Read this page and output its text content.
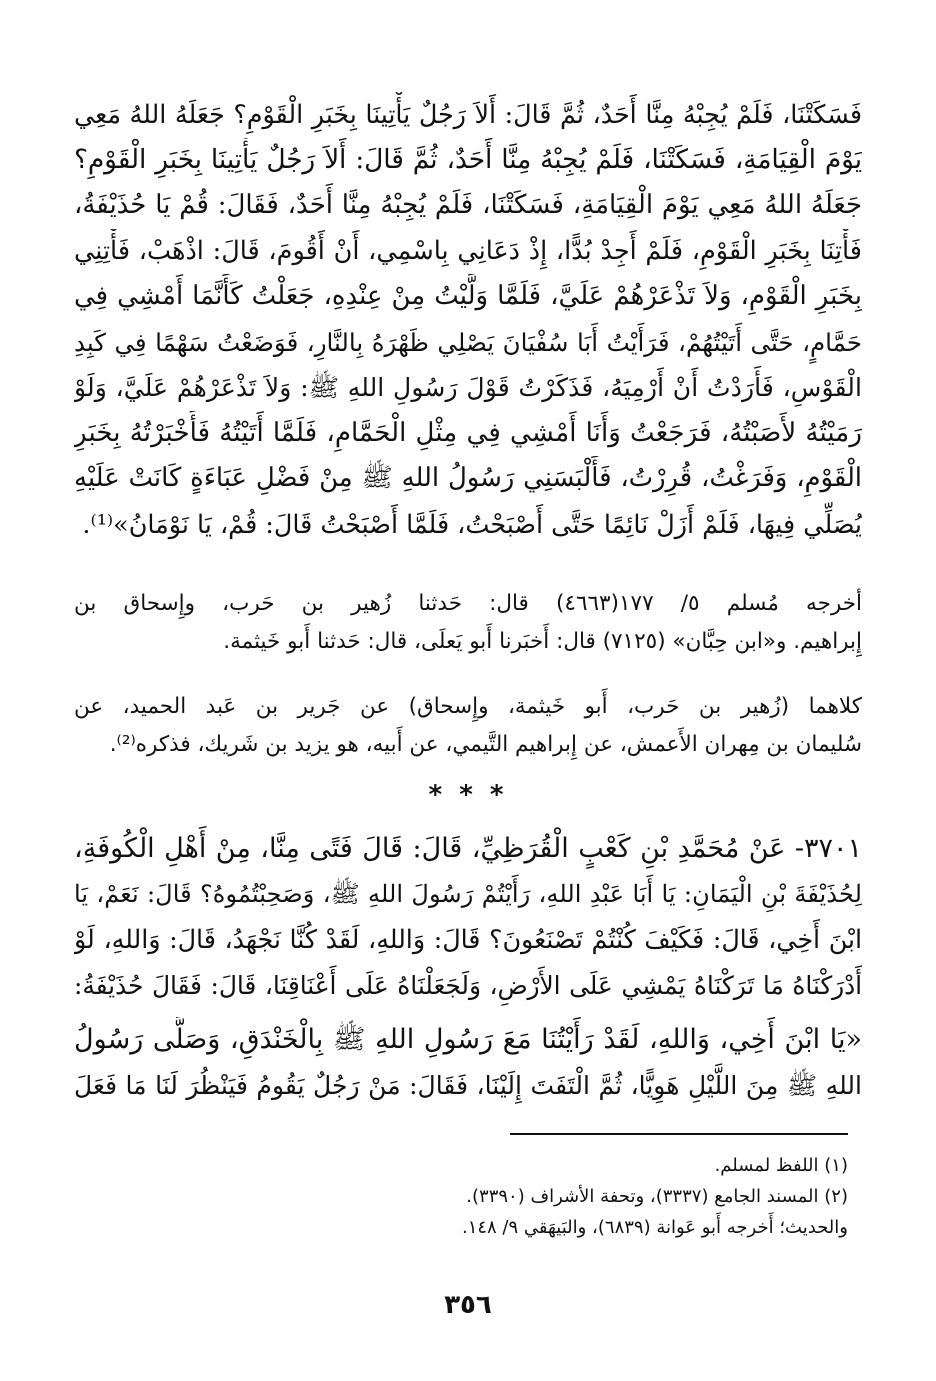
فَسَكَتْنَا، فَلَمْ يُجِبْهُ مِنَّا أَحَدٌ، ثُمَّ قَالَ: أَلاَ رَجُلٌ يَأْتِينَا بِخَبَرِ الْقَوْمِ؟ جَعَلَهُ اللهُ مَعِي
يَوْمَ الْقِيَامَةِ، فَسَكَتْنَا، فَلَمْ يُجِبْهُ مِنَّا أَحَدٌ، ثُمَّ قَالَ: أَلاَ رَجُلٌ يَأْتِينَا بِخَبَرِ الْقَوْمِ؟
جَعَلَهُ اللهُ مَعِي يَوْمَ الْقِيَامَةِ، فَسَكَتْنَا، فَلَمْ يُجِبْهُ مِنَّا أَحَدٌ، فَقَالَ: قُمْ يَا حُذَيْفَةُ،
فَأْتِنَا بِخَبَرِ الْقَوْمِ، فَلَمْ أَجِدْ بُدًّا، إِذْ دَعَانِي بِاسْمِي، أَنْ أَقُومَ، قَالَ: اذْهَبْ، فَأْتِنِي
بِخَبَرِ الْقَوْمِ، وَلاَ تَذْعَرْهُمْ عَلَيَّ، فَلَمَّا وَلَّيْتُ مِنْ عِنْدِهِ، جَعَلْتُ كَأَنَّمَا أَمْشِي فِي
حَمَّامٍ، حَتَّى أَتَيْتُهُمْ، فَرَأَيْتُ أَبَا سُفْيَانَ يَصْلِي ظَهْرَهُ بِالنَّارِ، فَوَضَعْتُ سَهْمًا فِي كَبِدِ
الْقَوْسِ، فَأَرَدْتُ أَنْ أَرْمِيَهُ، فَذَكَرْتُ قَوْلَ رَسُولِ اللهِ ﷺ: وَلاَ تَذْعَرْهُمْ عَلَيَّ، وَلَوْ
رَمَيْتُهُ لأَصَبْتُهُ، فَرَجَعْتُ وَأَنَا أَمْشِي فِي مِثْلِ الْحَمَّامِ، فَلَمَّا أَتَيْتُهُ فَأَخْبَرْتُهُ بِخَبَرِ
الْقَوْمِ، وَفَرَغْتُ، قُرِرْتُ، فَأَلْبَسَنِي رَسُولُ اللهِ ﷺ مِنْ فَضْلِ عَبَاءَةٍ كَانَتْ عَلَيْهِ
يُصَلِّي فِيهَا، فَلَمْ أَزَلْ نَائِمًا حَتَّى أَصْبَحْتُ، فَلَمَّا أَصْبَحْتُ قَالَ: قُمْ، يَا نَوْمَانُ»⁽¹⁾.
أخرجه مُسلم ٥/ ١٧٧(٤٦٦٣) قال: حَدثنا زُهير بن حَرب، وإِسحاق بن
إِبراهيم. و«ابن حِبَّان» (٧١٢٥) قال: أَخبَرنا أَبو يَعلَى، قال: حَدثنا أَبو خَيثمة.
كلاهما (زُهير بن حَرب، أَبو خَيثمة، وإِسحاق) عن جَرير بن عَبد الحميد، عن
سُليمان بن مِهران الأَعمش، عن إِبراهيم التَّيمي، عن أَبيه، هو يزيد بن شَريك، فذكره⁽²⁾.
* * *
٣٧٠١- عَنْ مُحَمَّدِ بْنِ كَعْبٍ الْقُرَظِيِّ، قَالَ: قَالَ فَتًى مِنَّا، مِنْ أَهْلِ الْكُوفَةِ،
لِحُذَيْفَةَ بْنِ الْيَمَانِ: يَا أَبَا عَبْدِ اللهِ، رَأَيْتُمْ رَسُولَ اللهِ ﷺ، وَصَحِبْتُمُوهُ؟ قَالَ: نَعَمْ، يَا
ابْنَ أَخِي، قَالَ: فَكَيْفَ كُنْتُمْ تَصْنَعُونَ؟ قَالَ: وَاللهِ، لَقَدْ كُنَّا نَجْهَدُ، قَالَ: وَاللهِ، لَوْ
أَدْرَكْنَاهُ مَا تَرَكْنَاهُ يَمْشِي عَلَى الأَرْضِ، وَلَجَعَلْنَاهُ عَلَى أَعْنَاقِنَا، قَالَ: فَقَالَ حُذَيْفَةُ:
«يَا ابْنَ أَخِي، وَاللهِ، لَقَدْ رَأَيْتُنَا مَعَ رَسُولِ اللهِ ﷺ بِالْخَنْدَقِ، وَصَلَّى رَسُولُ
اللهِ ﷺ مِنَ اللَّيْلِ هَوِيًّا، ثُمَّ الْتَفَتَ إِلَيْنَا، فَقَالَ: مَنْ رَجُلٌ يَقُومُ فَيَنْظُرَ لَنَا مَا فَعَلَ
(١) اللفظ لمسلم.
(٢) المسند الجامع (٣٣٣٧)، وتحفة الأشراف (٣٣٩٠).
والحديث؛ أَخرجه أَبو عَوانة (٦٨٣٩)، والبَيهَقي ٩/ ١٤٨.
٣٥٦
